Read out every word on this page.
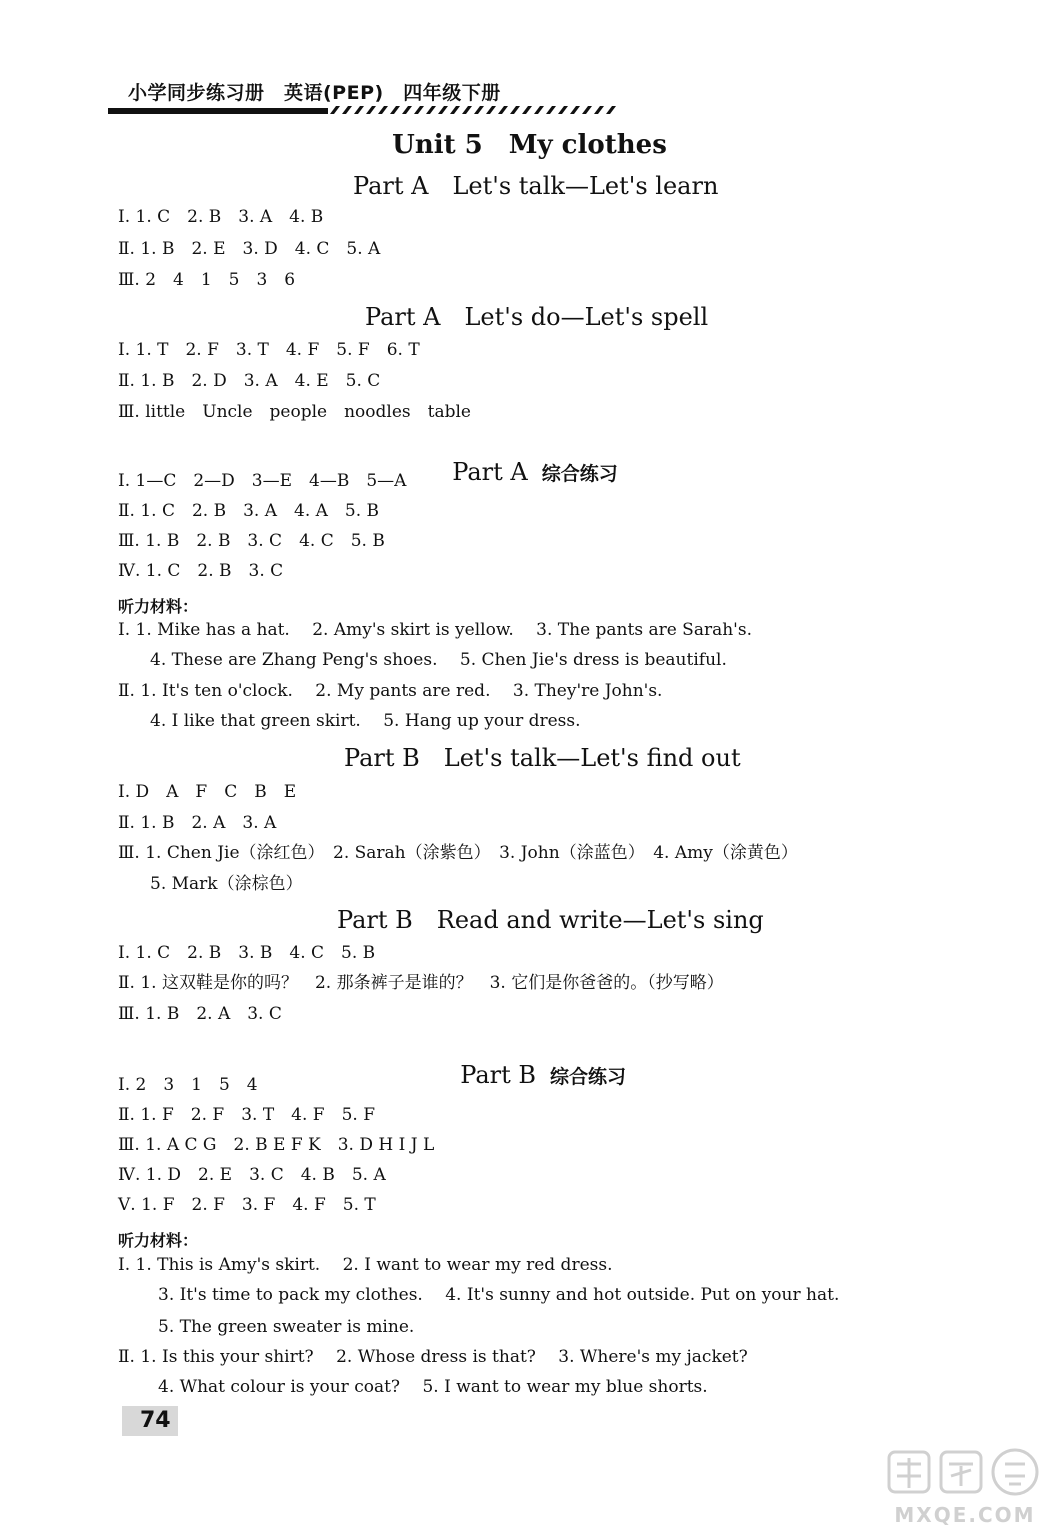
小学同步练习册　英语(PEP)　四年级下册
Unit 5　My clothes
Part A　Let's talk—Let's learn
Ⅰ. 1. C　2. B　3. A　4. B
Ⅱ. 1. B　2. E　3. D　4. C　5. A
Ⅲ. 2　4　1　5　3　6
Part A　Let's do—Let's spell
Ⅰ. 1. T　2. F　3. T　4. F　5. F　6. T
Ⅱ. 1. B　2. D　3. A　4. E　5. C
Ⅲ. little　Uncle　people　noodles　table

Part A 综合练习

Ⅰ. 1—C　2—D　3—E　4—B　5—A
Ⅱ. 1. C　2. B　3. A　4. A　5. B
Ⅲ. 1. B　2. B　3. C　4. C　5. B
Ⅳ. 1. C　2. B　3. C
听力材料：
Ⅰ. 1. Mike has a hat.　 2. Amy's skirt is yellow.　 3. The pants are Sarah's.
4. These are Zhang Peng's shoes.　 5. Chen Jie's dress is beautiful.
Ⅱ. 1. It's ten o'clock.　 2. My pants are red.　 3. They're John's.
4. I like that green skirt.　 5. Hang up your dress.
Part B　Let's talk—Let's find out
Ⅰ. D　A　F　C　B　E
Ⅱ. 1. B　2. A　3. A
Ⅲ. 1. Chen Jie（涂红色）　2. Sarah（涂紫色）　3. John（涂蓝色）　4. Amy（涂黄色）
5. Mark（涂棕色）
Part B　Read and write—Let's sing
Ⅰ. 1. C　2. B　3. B　4. C　5. B
Ⅱ. 1. 这双鞋是你的吗？　2. 那条裤子是谁的？　3. 它们是你爸爸的。（抄写略）
Ⅲ. 1. B　2. A　3. C

Part B 综合练习

Ⅰ. 2　3　1　5　4
Ⅱ. 1. F　2. F　3. T　4. F　5. F
Ⅲ. 1. A C G　2. B E F K　3. D H I J L
Ⅳ. 1. D　2. E　3. C　4. B　5. A
Ⅴ. 1. F　2. F　3. F　4. F　5. T
听力材料：
Ⅰ. 1. This is Amy's skirt.　 2. I want to wear my red dress.
3. It's time to pack my clothes.　 4. It's sunny and hot outside. Put on your hat.
5. The green sweater is mine.
Ⅱ. 1. Is this your shirt?　 2. Whose dress is that?　 3. Where's my jacket?
4. What colour is your coat?　 5. I want to wear my blue shorts.
74
MXQE.COM
